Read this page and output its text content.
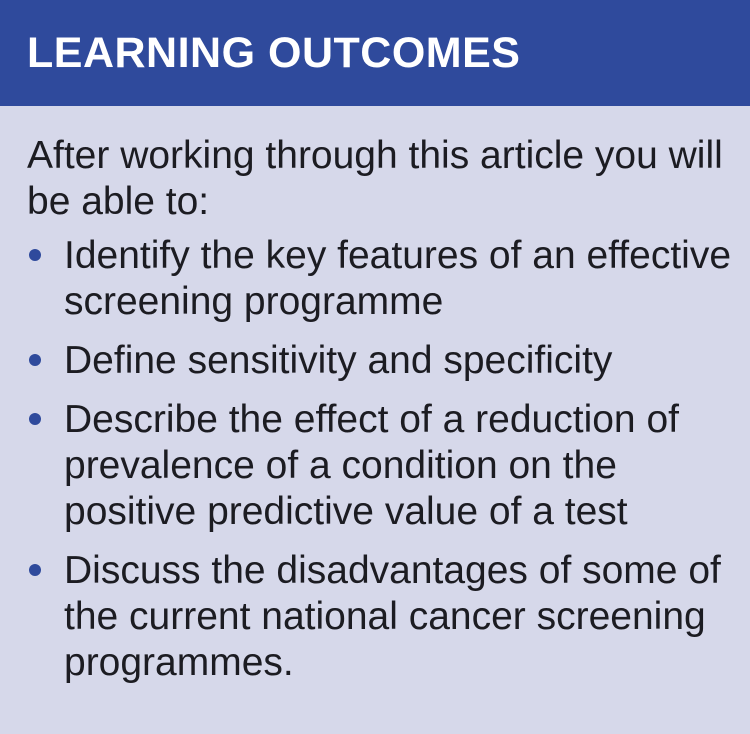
LEARNING OUTCOMES

After working through this article you will be able to:

Identify the key features of an effective screening programme
Define sensitivity and specificity
Describe the effect of a reduction of prevalence of a condition on the positive predictive value of a test
Discuss the disadvantages of some of the current national cancer screening programmes.
